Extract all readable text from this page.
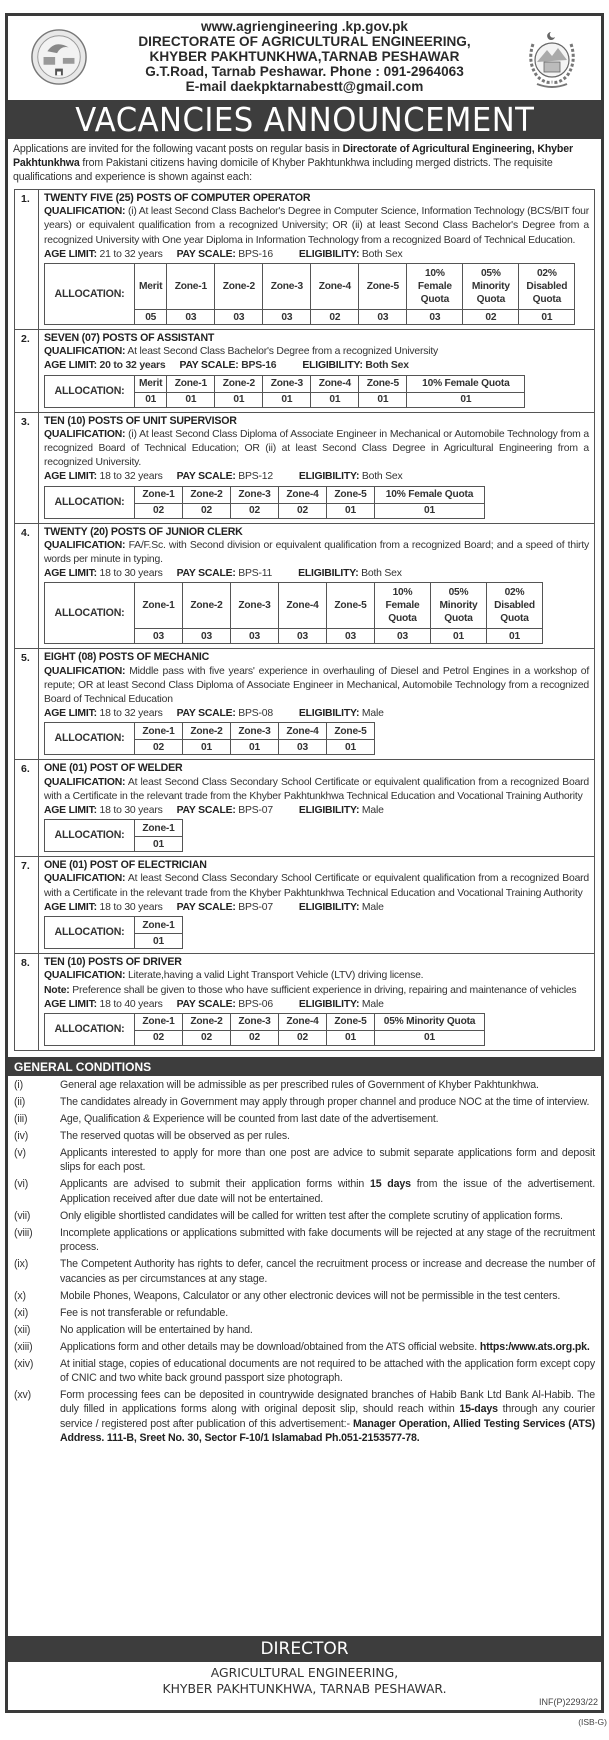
www.agriengineering .kp.gov.pk
DIRECTORATE OF AGRICULTURAL ENGINEERING,
KHYBER PAKHTUNKHWA,TARNAB PESHAWAR
G.T.Road, Tarnab Peshawar. Phone : 091-2964063
E-mail daekpktarnabestt@gmail.com
VACANCIES ANNOUNCEMENT
Applications are invited for the following vacant posts on regular basis in Directorate of Agricultural Engineering, Khyber Pakhtunkhwa from Pakistani citizens having domicile of Khyber Pakhtunkhwa including merged districts. The requisite qualifications and experience is shown against each:
1.	TWENTY FIVE (25) POSTS OF COMPUTER OPERATOR
QUALIFICATION: (i) At least Second Class Bachelor's Degree in Computer Science, Information Technology (BCS/BIT four years) or equivalent qualification from a recognized University; OR (ii) at least Second Class Bachelor's Degree from a recognized University with One year Diploma in Information Technology from a recognized Board of Technical Education.
AGE LIMIT: 21 to 32 years PAY SCALE: BPS-16	ELIGIBILITY: Both Sex
ALLOCATION:	Merit	Zone-1	Zone-2	Zone-3	Zone-4	Zone-5	10% Female Quota	05% Minority Quota	02% Disabled Quota
	05	03	03	03	02	03	03	02	01
2.	SEVEN (07) POSTS OF ASSISTANT
QUALIFICATION: At least Second Class Bachelor's Degree from a recognized University
AGE LIMIT: 20 to 32 years PAY SCALE: BPS-16	ELIGIBILITY: Both Sex
ALLOCATION:	Merit	Zone-1	Zone-2	Zone-3	Zone-4	Zone-5	10% Female Quota
	01	01	01	01	01	01	01
3.	TEN (10) POSTS OF UNIT SUPERVISOR
QUALIFICATION: (i) At least Second Class Diploma of Associate Engineer in Mechanical or Automobile Technology from a recognized Board of Technical Education; OR (ii) at least Second Class Degree in Agricultural Engineering from a recognized University.
AGE LIMIT: 18 to 32 years PAY SCALE: BPS-12	ELIGIBILITY: Both Sex
ALLOCATION:	Zone-1	Zone-2	Zone-3	Zone-4	Zone-5	10% Female Quota
	02	02	02	02	01	01
4.	TWENTY (20) POSTS OF JUNIOR CLERK
QUALIFICATION: FA/F.Sc. with Second division or equivalent qualification from a recognized Board; and a speed of thirty words per minute in typing.
AGE LIMIT: 18 to 30 years PAY SCALE: BPS-11	ELIGIBILITY: Both Sex
ALLOCATION:	Zone-1	Zone-2	Zone-3	Zone-4	Zone-5	10% Female Quota	05% Minority Quota	02% Disabled Quota
	03	03	03	03	03	03	01	01
5.	EIGHT (08) POSTS OF MECHANIC
QUALIFICATION: Middle pass with five years' experience in overhauling of Diesel and Petrol Engines in a workshop of repute; OR at least Second Class Diploma of Associate Engineer in Mechanical, Automobile Technology from a recognized Board of Technical Education
AGE LIMIT: 18 to 32 years PAY SCALE: BPS-08	ELIGIBILITY: Male
ALLOCATION:	Zone-1	Zone-2	Zone-3	Zone-4	Zone-5
	02	01	01	03	01
6.	ONE (01) POST OF WELDER
QUALIFICATION: At least Second Class Secondary School Certificate or equivalent qualification from a recognized Board with a Certificate in the relevant trade from the Khyber Pakhtunkhwa Technical Education and Vocational Training Authority
AGE LIMIT: 18 to 30 years PAY SCALE: BPS-07	ELIGIBILITY: Male
ALLOCATION:	Zone-1
01
7.	ONE (01) POST OF ELECTRICIAN
QUALIFICATION: At least Second Class Secondary School Certificate or equivalent qualification from a recognized Board with a Certificate in the relevant trade from the Khyber Pakhtunkhwa Technical Education and Vocational Training Authority
AGE LIMIT: 18 to 30 years PAY SCALE: BPS-07	ELIGIBILITY: Male
ALLOCATION:	Zone-1
01
8.	TEN (10) POSTS OF DRIVER
QUALIFICATION: Literate,having a valid Light Transport Vehicle (LTV) driving license.
Note: Preference shall be given to those who have sufficient experience in driving, repairing and maintenance of vehicles
AGE LIMIT: 18 to 40 years PAY SCALE: BPS-06	ELIGIBILITY: Male
ALLOCATION:	Zone-1	Zone-2	Zone-3	Zone-4	Zone-5	05% Minority Quota
	02	02	02	02	01	01
GENERAL CONDITIONS
(i)	General age relaxation will be admissible as per prescribed rules of Government of Khyber Pakhtunkhwa.
(ii)	The candidates already in Government may apply through proper channel and produce NOC at the time of interview.
(iii)	Age, Qualification & Experience will be counted from last date of the advertisement.
(iv)	The reserved quotas will be observed as per rules.
(v)	Applicants interested to apply for more than one post are advice to submit separate applications form and deposit slips for each post.
(vi)	Applicants are advised to submit their application forms within 15 days from the issue of the advertisement. Application received after due date will not be entertained.
(vii)	Only eligible shortlisted candidates will be called for written test after the complete scrutiny of application forms.
(viii)	Incomplete applications or applications submitted with fake documents will be rejected at any stage of the recruitment process.
(ix)	The Competent Authority has rights to defer, cancel the recruitment process or increase and decrease the number of vacancies as per circumstances at any stage.
(x)	Mobile Phones, Weapons, Calculator or any other electronic devices will not be permissible in the test centers.
(xi)	Fee is not transferable or refundable.
(xii)	No application will be entertained by hand.
(xiii)	Applications form and other details may be download/obtained from the ATS official website. https:/www.ats.org.pk.
(xiv)	At initial stage, copies of educational documents are not required to be attached with the application form except copy of CNIC and two white back ground passport size photograph.
(xv)	Form processing fees can be deposited in countrywide designated branches of Habib Bank Ltd Bank Al-Habib. The duly filled in applications forms along with original deposit slip, should reach within 15-days through any courier service / registered post after publication of this advertisement:- Manager Operation, Allied Testing Services (ATS) Address. 111-B, Sreet No. 30, Sector F-10/1 Islamabad Ph.051-2153577-78.
DIRECTOR
AGRICULTURAL ENGINEERING,
KHYBER PAKHTUNKHWA, TARNAB PESHAWAR.
INF(P)2293/22
(ISB-G)
